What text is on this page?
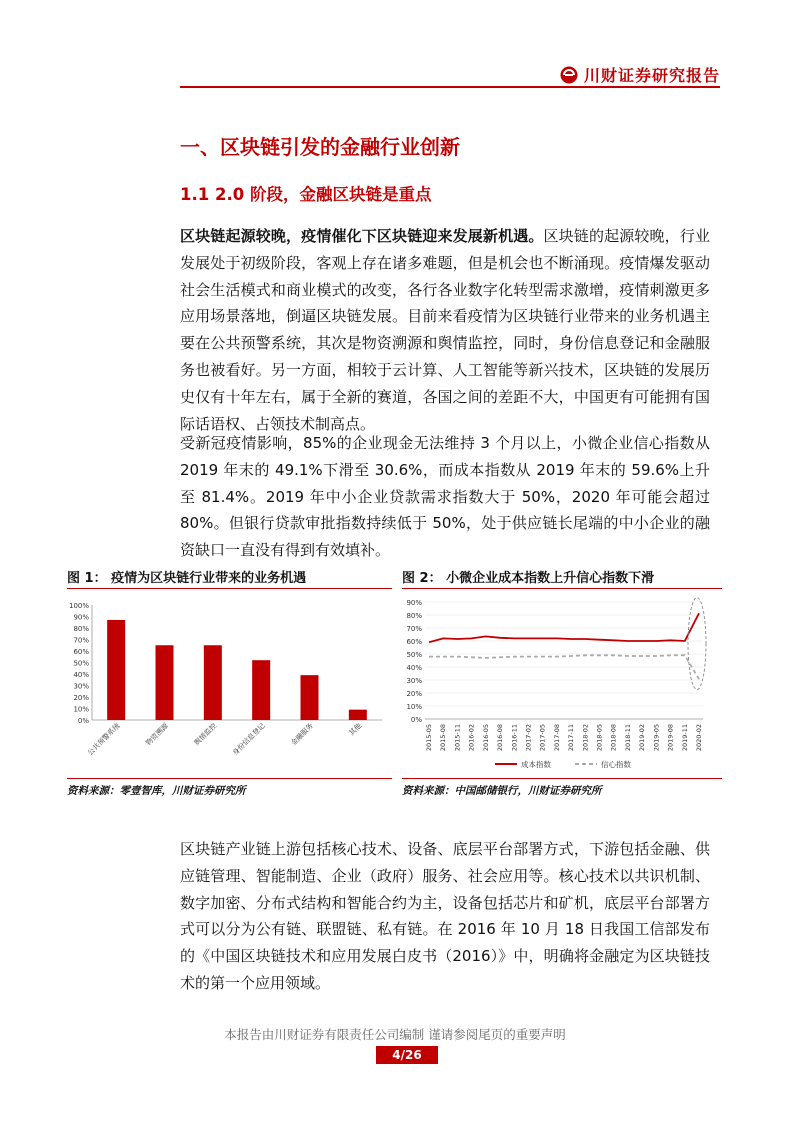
川财证券研究报告
一、区块链引发的金融行业创新
1.1 2.0 阶段，金融区块链是重点
区块链起源较晚，疫情催化下区块链迎来发展新机遇。区块链的起源较晚，行业发展处于初级阶段，客观上存在诸多难题，但是机会也不断涌现。疫情爆发驱动社会生活模式和商业模式的改变，各行各业数字化转型需求激增，疫情刺激更多应用场景落地，倒逼区块链发展。目前来看疫情为区块链行业带来的业务机遇主要在公共预警系统，其次是物资溯源和舆情监控，同时，身份信息登记和金融服务也被看好。另一方面，相较于云计算、人工智能等新兴技术，区块链的发展历史仅有十年左右，属于全新的赛道，各国之间的差距不大，中国更有可能拥有国际话语权、占领技术制高点。
受新冠疫情影响，85%的企业现金无法维持 3 个月以上，小微企业信心指数从 2019 年末的 49.1%下滑至 30.6%，而成本指数从 2019 年末的 59.6%上升至 81.4%。2019 年中小企业贷款需求指数大于 50%，2020 年可能会超过 80%。但银行贷款审批指数持续低于 50%，处于供应链长尾端的中小企业的融资缺口一直没有得到有效填补。
图 1： 疫情为区块链行业带来的业务机遇
0%
10%
20%
30%
40%
50%
60%
70%
80%
90%
100%
公共预警系统	物资溯源	舆情监控 身份信息登记	金融服务	其他
资料来源：零壹智库，川财证券研究所
图 2： 小微企业成本指数上升信心指数下滑
0%
10%
20%
30%
40%
50%
60%
70%
80%
90%
2015-05 2015-08 2015-11 2016-02 2016-05 2016-08 2016-11 2017-02 2017-05 2017-08 2017-11 2018-02 2018-05 2018-08 2018-11 2019-02 2019-05 2019-08 2019-11 2020-02
成本指数	信心指数
资料来源：中国邮储银行，川财证券研究所
区块链产业链上游包括核心技术、设备、底层平台部署方式，下游包括金融、供应链管理、智能制造、企业（政府）服务、社会应用等。核心技术以共识机制、数字加密、分布式结构和智能合约为主，设备包括芯片和矿机，底层平台部署方式可以分为公有链、联盟链、私有链。在 2016 年 10 月 18 日我国工信部发布的《中国区块链技术和应用发展白皮书（2016）》中，明确将金融定为区块链技术的第一个应用领域。
本报告由川财证券有限责任公司编制 谨请参阅尾页的重要声明
4/26
